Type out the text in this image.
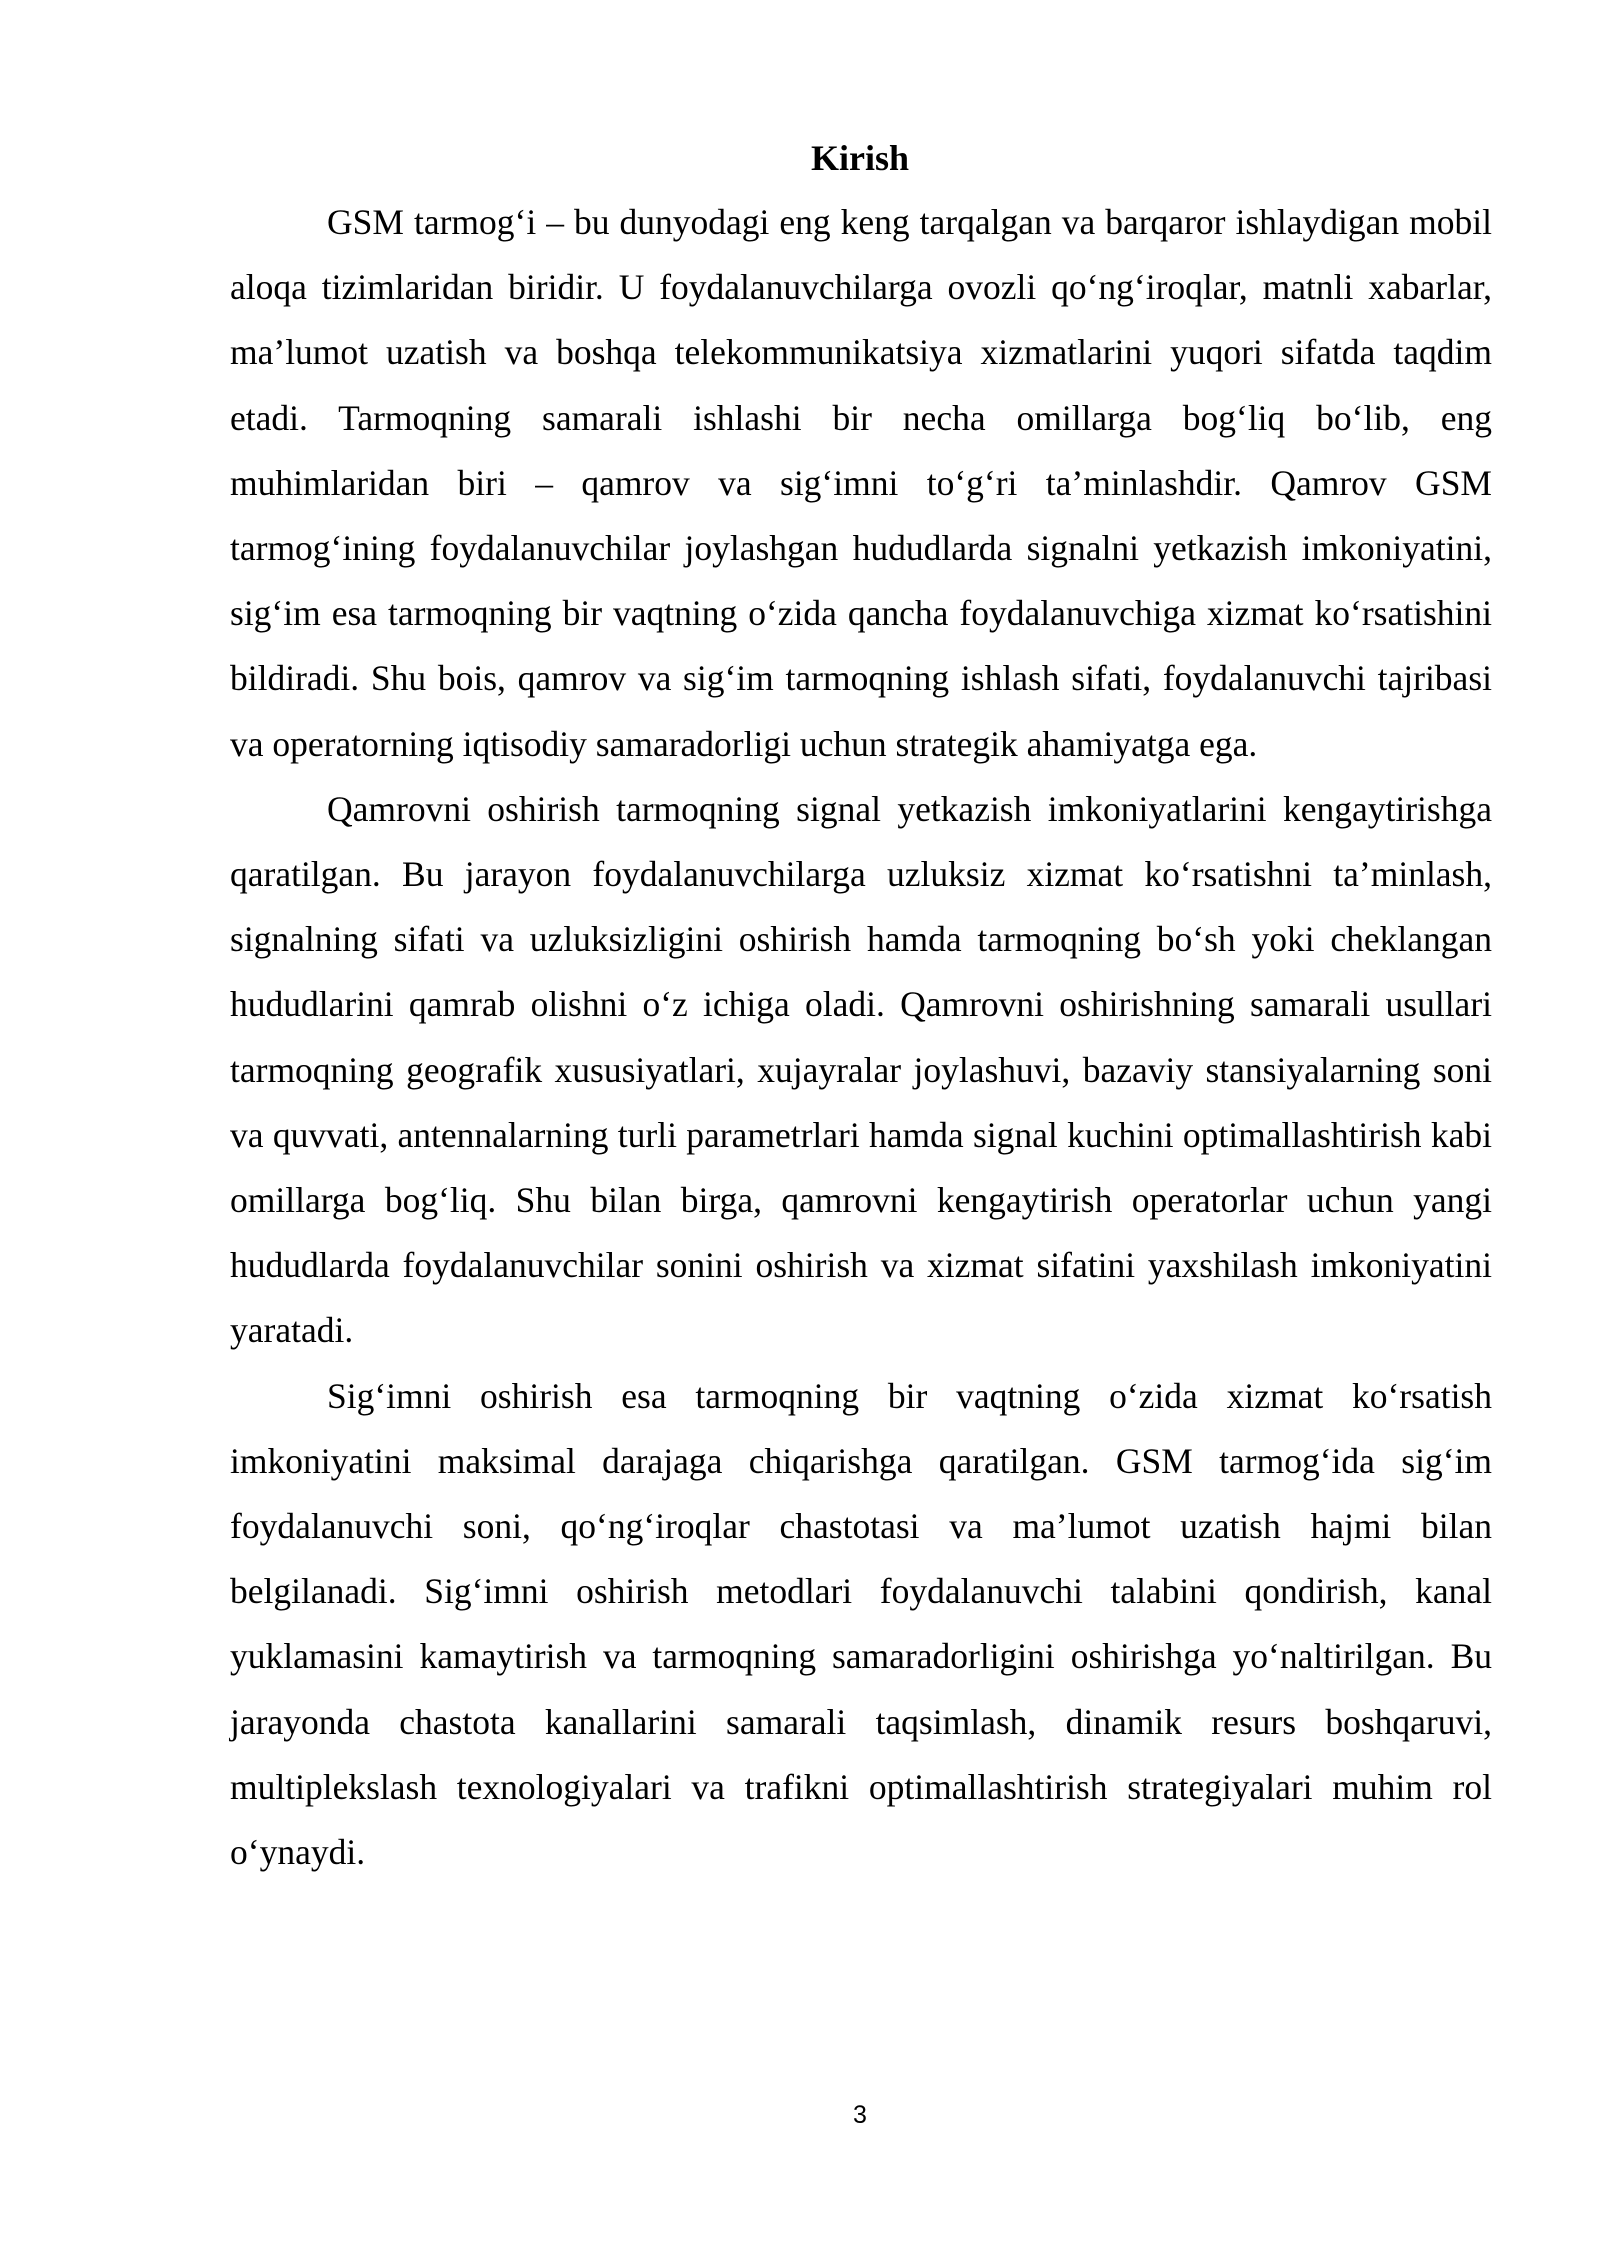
Kirish

GSM tarmog‘i – bu dunyodagi eng keng tarqalgan va barqaror ishlaydigan mobil aloqa tizimlaridan biridir. U foydalanuvchilarga ovozli qo‘ng‘iroqlar, matnli xabarlar, ma’lumot uzatish va boshqa telekommunikatsiya xizmatlarini yuqori sifatda taqdim etadi. Tarmoqning samarali ishlashi bir necha omillarga bog‘liq bo‘lib, eng muhimlaridan biri – qamrov va sig‘imni to‘g‘ri ta’minlashdir. Qamrov GSM tarmog‘ining foydalanuvchilar joylashgan hududlarda signalni yetkazish imkoniyatini, sig‘im esa tarmoqning bir vaqtning o‘zida qancha foydalanuvchiga xizmat ko‘rsatishini bildiradi. Shu bois, qamrov va sig‘im tarmoqning ishlash sifati, foydalanuvchi tajribasi va operatorning iqtisodiy samaradorligi uchun strategik ahamiyatga ega.

Qamrovni oshirish tarmoqning signal yetkazish imkoniyatlarini kengaytirishga qaratilgan. Bu jarayon foydalanuvchilarga uzluksiz xizmat ko‘rsatishni ta’minlash, signalning sifati va uzluksizligini oshirish hamda tarmoqning bo‘sh yoki cheklangan hududlarini qamrab olishni o‘z ichiga oladi. Qamrovni oshirishning samarali usullari tarmoqning geografik xususiyatlari, xujayralar joylashuvi, bazaviy stansiyalarning soni va quvvati, antennalarning turli parametrlari hamda signal kuchini optimallashtirish kabi omillarga bog‘liq. Shu bilan birga, qamrovni kengaytirish operatorlar uchun yangi hududlarda foydalanuvchilar sonini oshirish va xizmat sifatini yaxshilash imkoniyatini yaratadi.

Sig‘imni oshirish esa tarmoqning bir vaqtning o‘zida xizmat ko‘rsatish imkoniyatini maksimal darajaga chiqarishga qaratilgan. GSM tarmog‘ida sig‘im foydalanuvchi soni, qo‘ng‘iroqlar chastotasi va ma’lumot uzatish hajmi bilan belgilanadi. Sig‘imni oshirish metodlari foydalanuvchi talabini qondirish, kanal yuklamasini kamaytirish va tarmoqning samaradorligini oshirishga yo‘naltirilgan. Bu jarayonda chastota kanallarini samarali taqsimlash, dinamik resurs boshqaruvi, multiplekslash texnologiyalari va trafikni optimallashtirish strategiyalari muhim rol o‘ynaydi.

3
